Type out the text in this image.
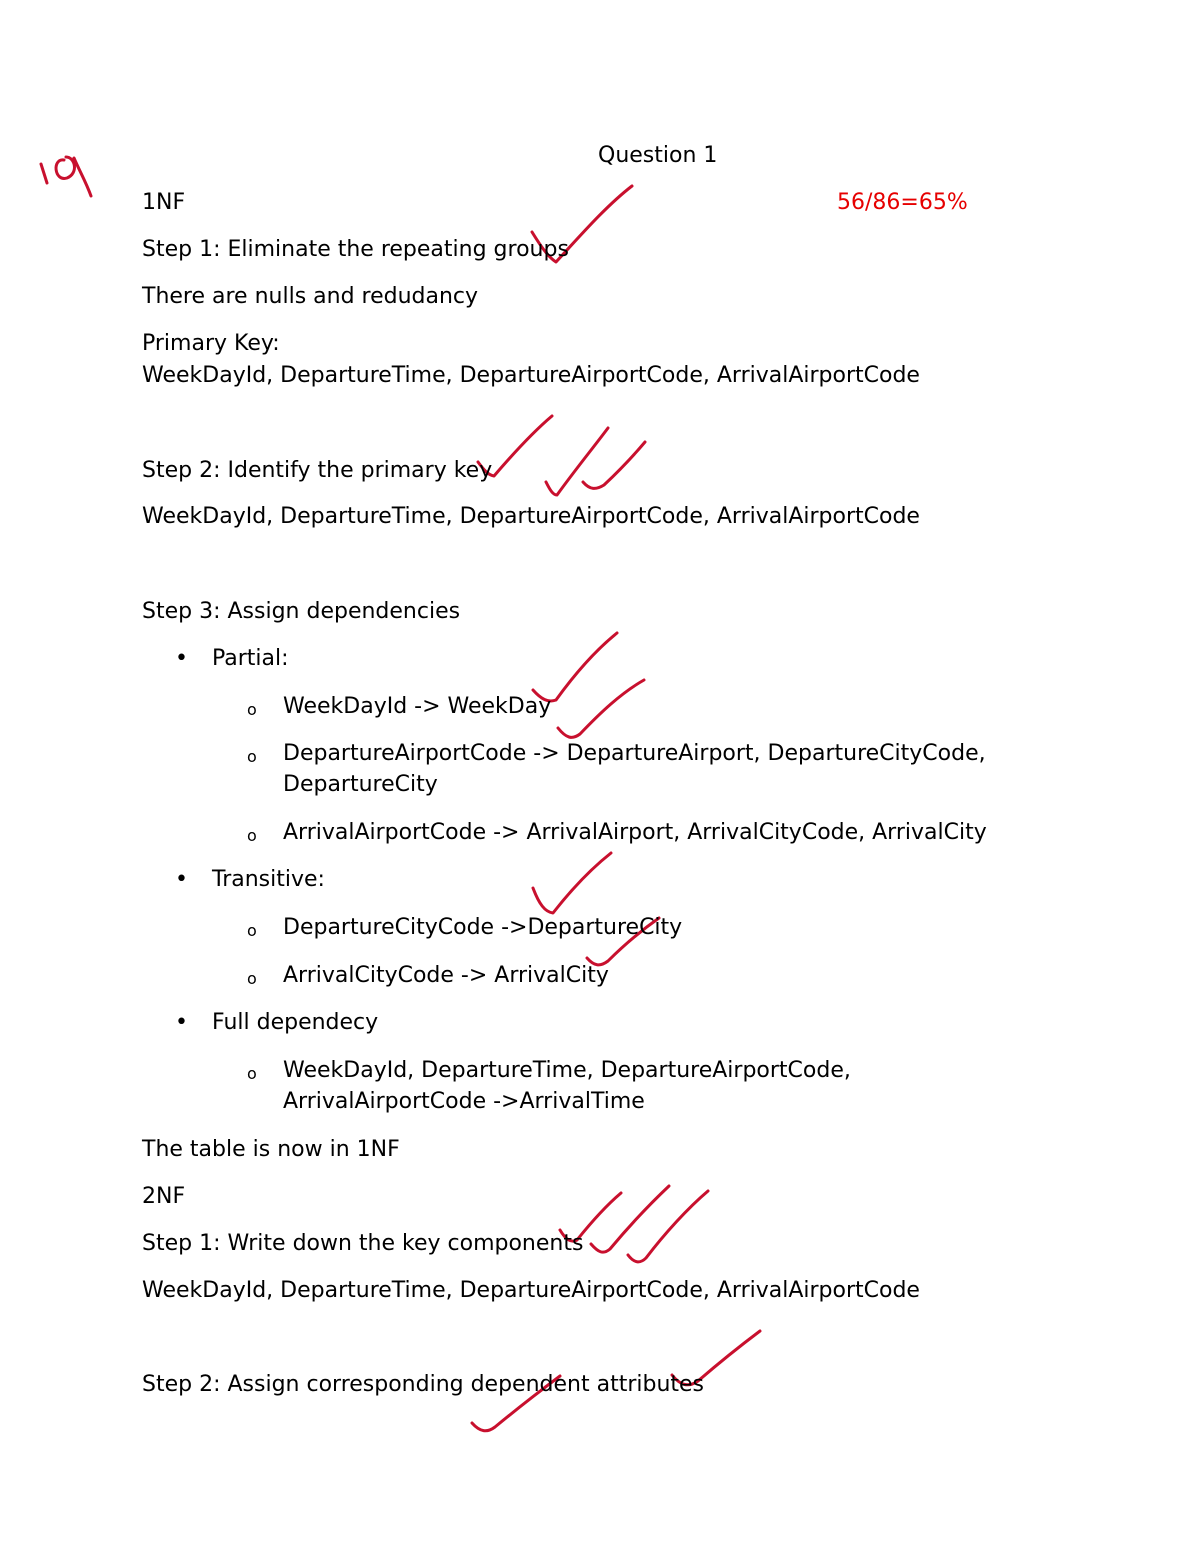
Question 1

56/86=65%

1NF

Step 1: Eliminate the repeating groups

There are nulls and redudancy

Primary Key:

WeekDayId, DepartureTime, DepartureAirportCode, ArrivalAirportCode

Step 2: Identify the primary key

WeekDayId, DepartureTime, DepartureAirportCode, ArrivalAirportCode

Step 3: Assign dependencies

• Partial:

o WeekDayId -> WeekDay

o DepartureAirportCode -> DepartureAirport, DepartureCityCode,

DepartureCity

o ArrivalAirportCode -> ArrivalAirport, ArrivalCityCode, ArrivalCity

• Transitive:

o DepartureCityCode ->DepartureCity

o ArrivalCityCode -> ArrivalCity

• Full dependecy

o WeekDayId, DepartureTime, DepartureAirportCode,

ArrivalAirportCode ->ArrivalTime

The table is now in 1NF

2NF

Step 1: Write down the key components

WeekDayId, DepartureTime, DepartureAirportCode, ArrivalAirportCode

Step 2: Assign corresponding dependent attributes
